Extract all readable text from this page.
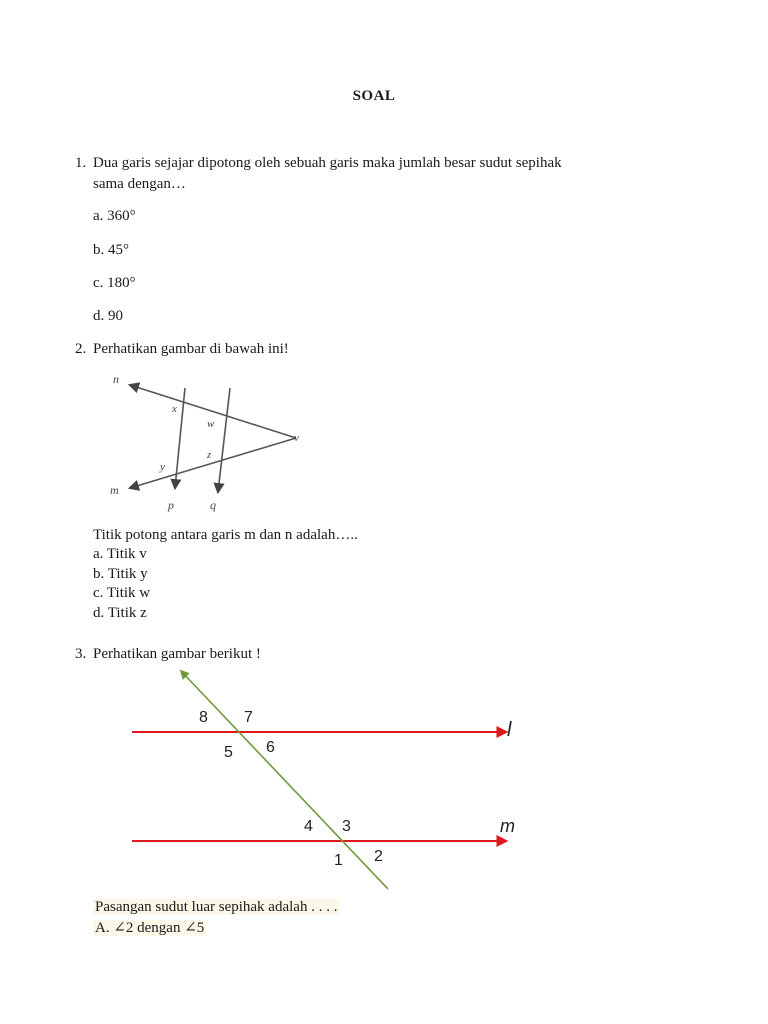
SOAL
1. Dua garis sejajar dipotong oleh sebuah garis maka jumlah besar sudut sepihak
sama dengan…
a. 360°
b. 45°
c. 180°
d. 90
2. Perhatikan gambar di bawah ini!
n
m
x
w
v
z
y
p	q
Titik potong antara garis m dan n adalah…..
a. Titik v
b. Titik y
c. Titik w
d. Titik z
3. Perhatikan gambar berikut !
l
m
8 7
5 6
4 3
1 2
Pasangan sudut luar sepihak adalah . . . .
A. ∠2 dengan ∠5
